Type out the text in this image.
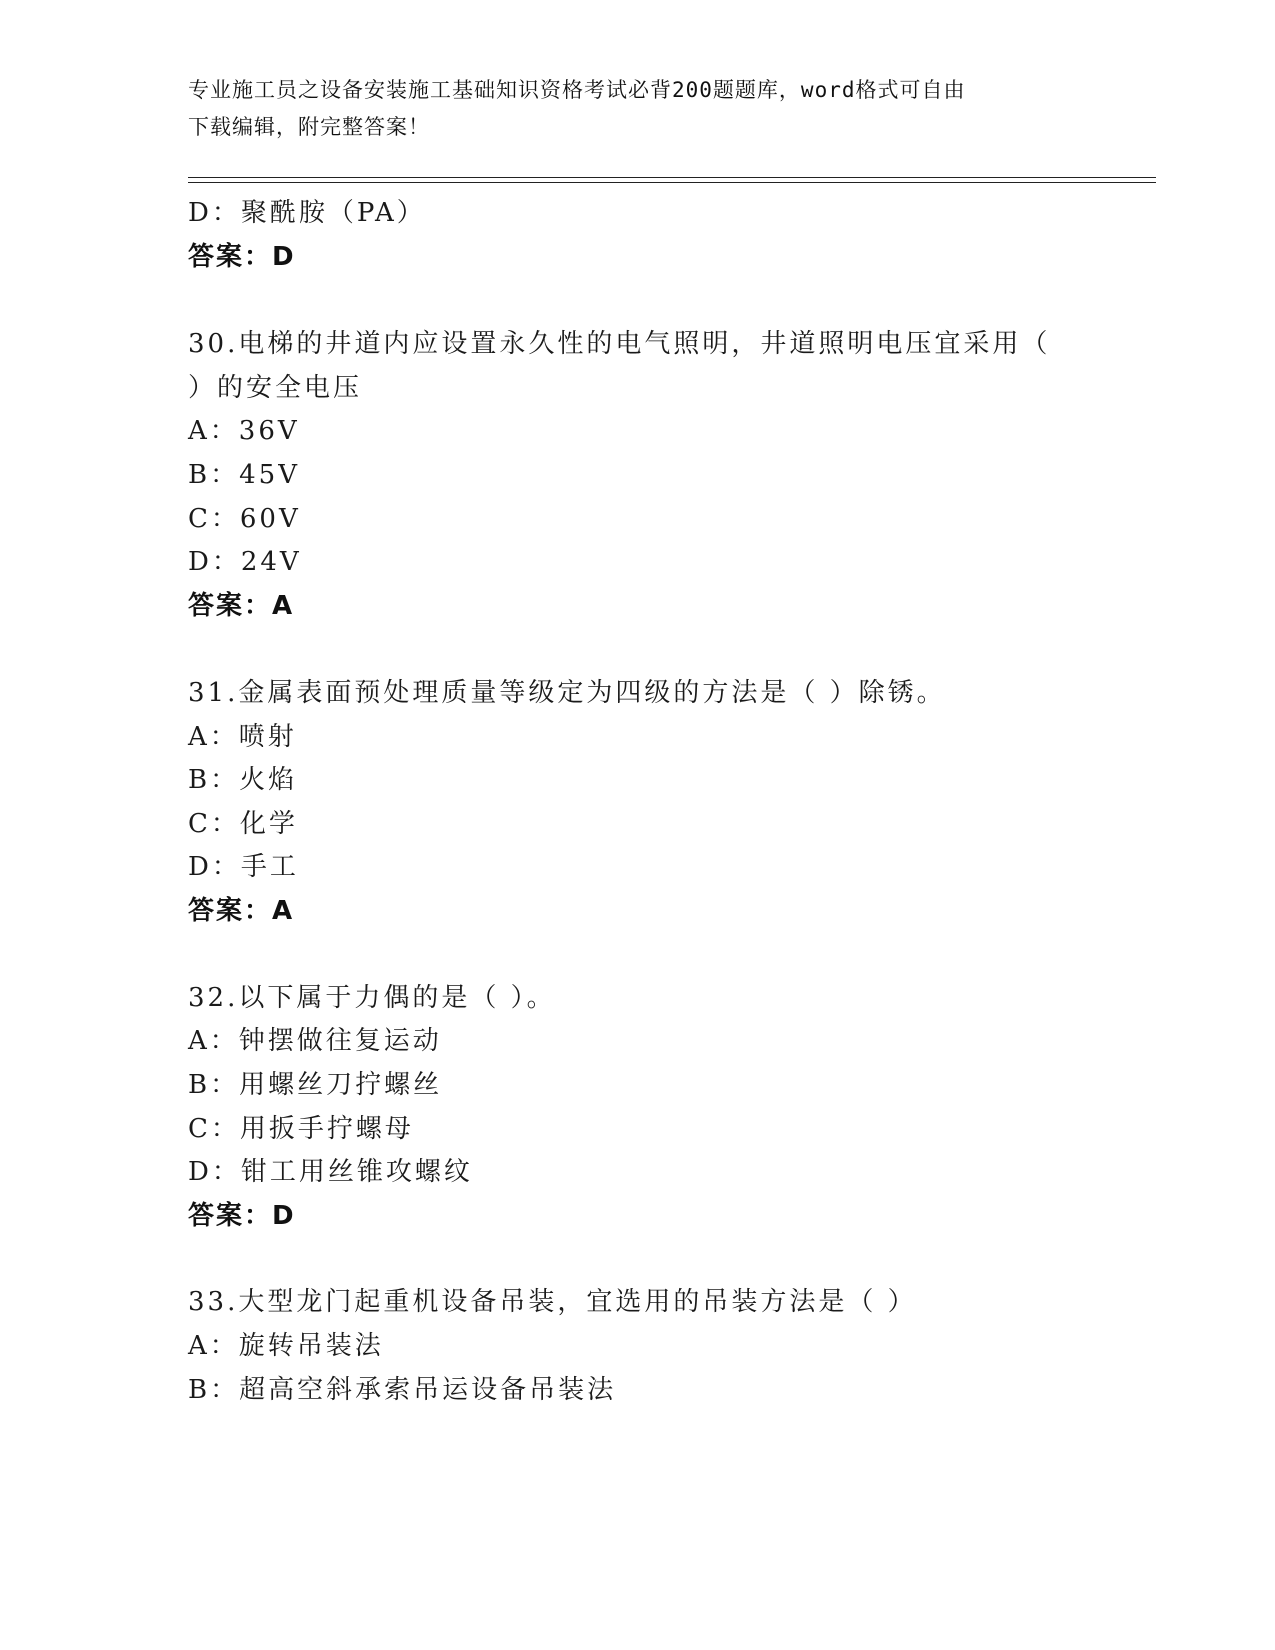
专业施工员之设备安装施工基础知识资格考试必背200题题库，word格式可自由
下载编辑，附完整答案！
D：聚酰胺（PA）
答案：D
30.电梯的井道内应设置永久性的电气照明，井道照明电压宜采用（
）的安全电压
A：36V
B：45V
C：60V
D：24V
答案：A
31.金属表面预处理质量等级定为四级的方法是（ ）除锈。
A：喷射
B：火焰
C：化学
D：手工
答案：A
32.以下属于力偶的是（ ）。
A：钟摆做往复运动
B：用螺丝刀拧螺丝
C：用扳手拧螺母
D：钳工用丝锥攻螺纹
答案：D
33.大型龙门起重机设备吊装，宜选用的吊装方法是（ ）
A：旋转吊装法
B：超高空斜承索吊运设备吊装法
